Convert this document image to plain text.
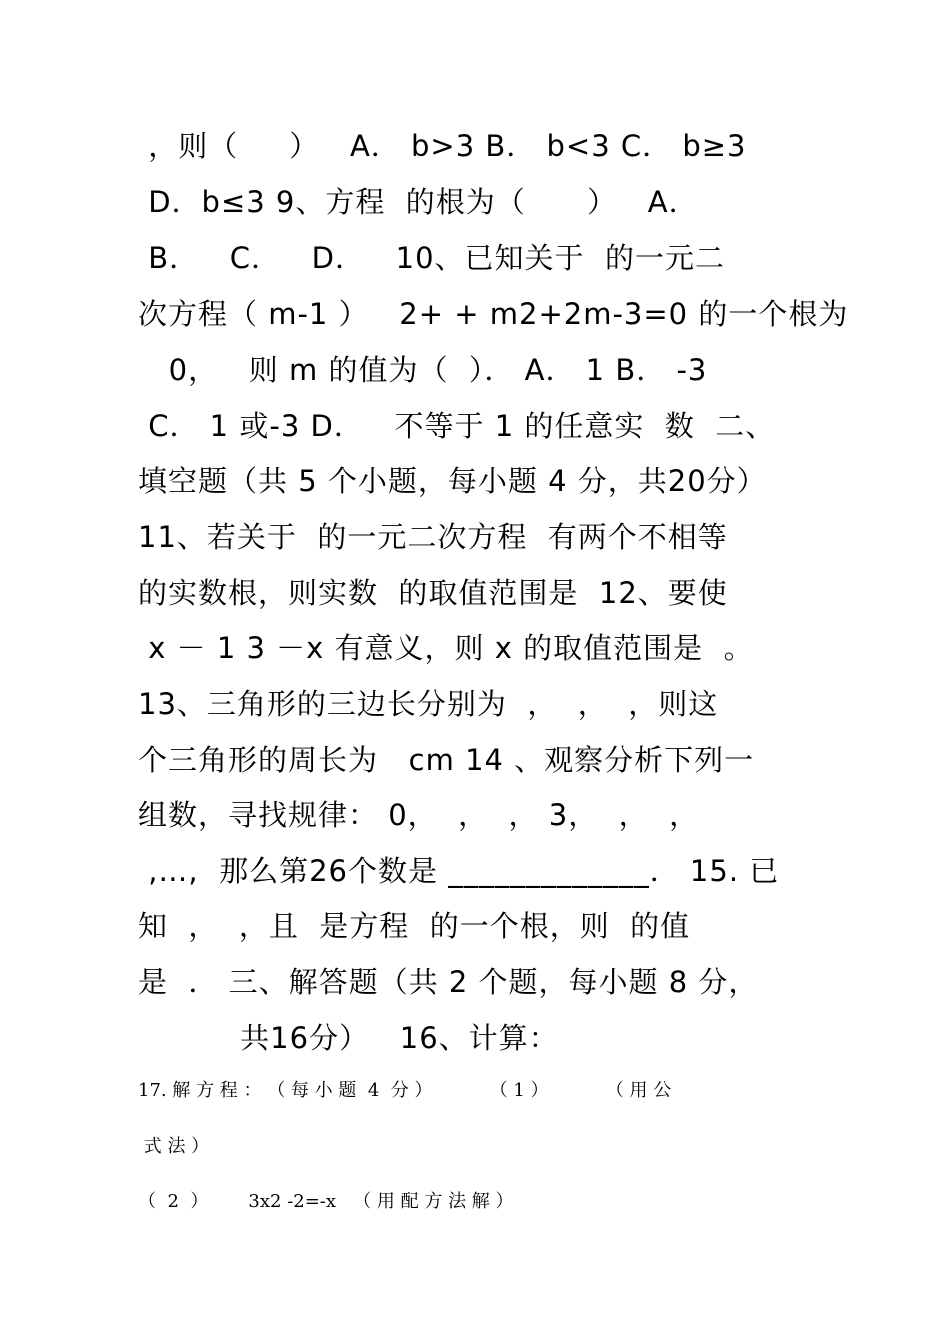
，则（     ）   A． b>3 B． b<3 C． b≥3
D．b≤3 9、方程  的根为（      ）   A．
B．   C．   D．   10、已知关于  的一元二
次方程（ m-1 ）   2+ + m2+2m-3=0 的一个根为
0，   则 m 的值为（  ）． A． 1 B． -3
C． 1 或-3 D．   不等于 1 的任意实  数  二、
填空题（共 5 个小题，每小题 4 分，共20分）
11、若关于  的一元二次方程  有两个不相等
的实数根，则实数  的取值范围是  12、要使
x － 1 3 －x 有意义，则 x 的取值范围是  。
13、三角形的三边长分别为  ，  ，  ，则这
个三角形的周长为   cm 14 、观察分析下列一
组数，寻找规律： 0，  ，  ， 3，  ，  ，
,…,  那么第26个数是 _____________． 15. 已
知  ，  ，且  是方程  的一个根，则  的值
是  ． 三、解答题（共 2 个题，每小题 8 分，
共16分）   16、计算：
17. 解 方 程 ： （ 每 小 题  4  分 ）          （ 1 ）          （ 用 公
式 法 ）
（  2  ）       3x2 -2=-x   （ 用 配 方 法 解 ）
